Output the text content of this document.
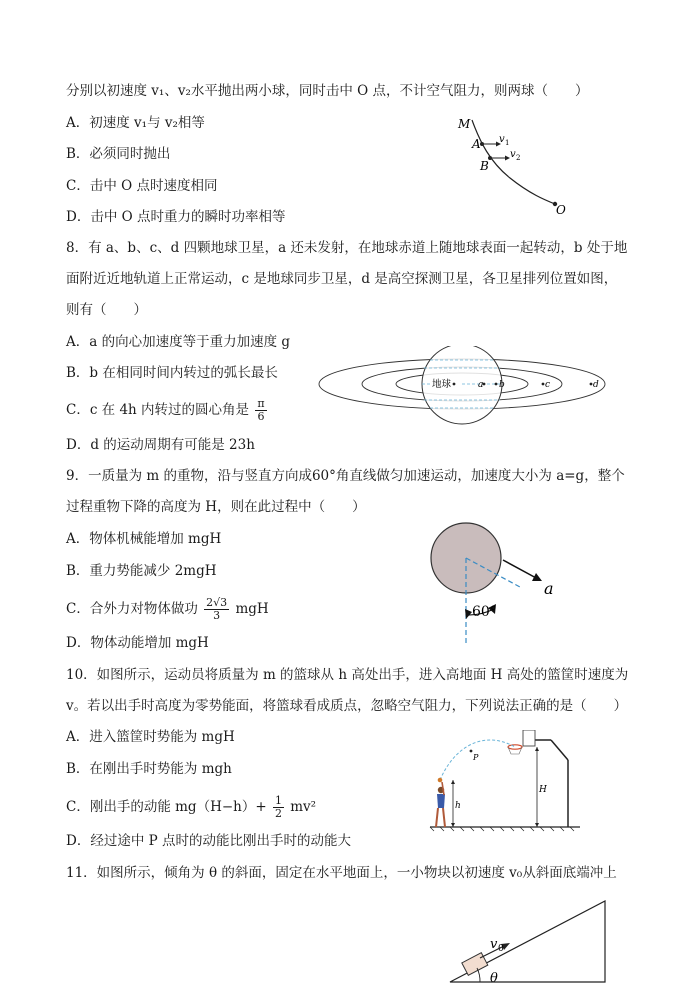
分别以初速度 v₁、v₂水平抛出两小球，同时击中 O 点，不计空气阻力，则两球（　　）
A．初速度 v₁与 v₂相等
B．必须同时抛出
C．击中 O 点时速度相同
D．击中 O 点时重力的瞬时功率相等
M
A
B
v 1
v 2
O
8．有 a、b、c、d 四颗地球卫星，a 还未发射，在地球赤道上随地球表面一起转动，b 处于地
面附近近地轨道上正常运动，c 是地球同步卫星，d 是高空探测卫星，各卫星排列位置如图，
则有（　　）
A．a 的向心加速度等于重力加速度 g
B．b 在相同时间内转过的弧长最长
C．c 在 4h 内转过的圆心角是 $\frac{\pi}{6}$
D．d 的运动周期有可能是 23h
地球	a b	c	d
9．一质量为 m 的重物，沿与竖直方向成60°角直线做匀加速运动，加速度大小为 a=g，整个
过程重物下降的高度为 H，则在此过程中（　　）
A．物体机械能增加 mgH
B．重力势能减少 2mgH
C．合外力对物体做功 $\frac{2√3}{3}$ mgH
D．物体动能增加 mgH
a
60°
10．如图所示，运动员将质量为 m 的篮球从 h 高处出手，进入高地面 H 高处的篮筐时速度为
v。若以出手时高度为零势能面，将篮球看成质点，忽略空气阻力，下列说法正确的是（　　）
A．进入篮筐时势能为 mgH
B．在刚出手时势能为 mgh
C．刚出手的动能 $mg(H-h)+ \frac{1}{2} mv^2$
D．经过途中 P 点时的动能比刚出手时的动能大
P
h
H
11．如图所示，倾角为 θ 的斜面，固定在水平地面上，一小物块以初速度 v₀从斜面底端冲上
v 0
θ
